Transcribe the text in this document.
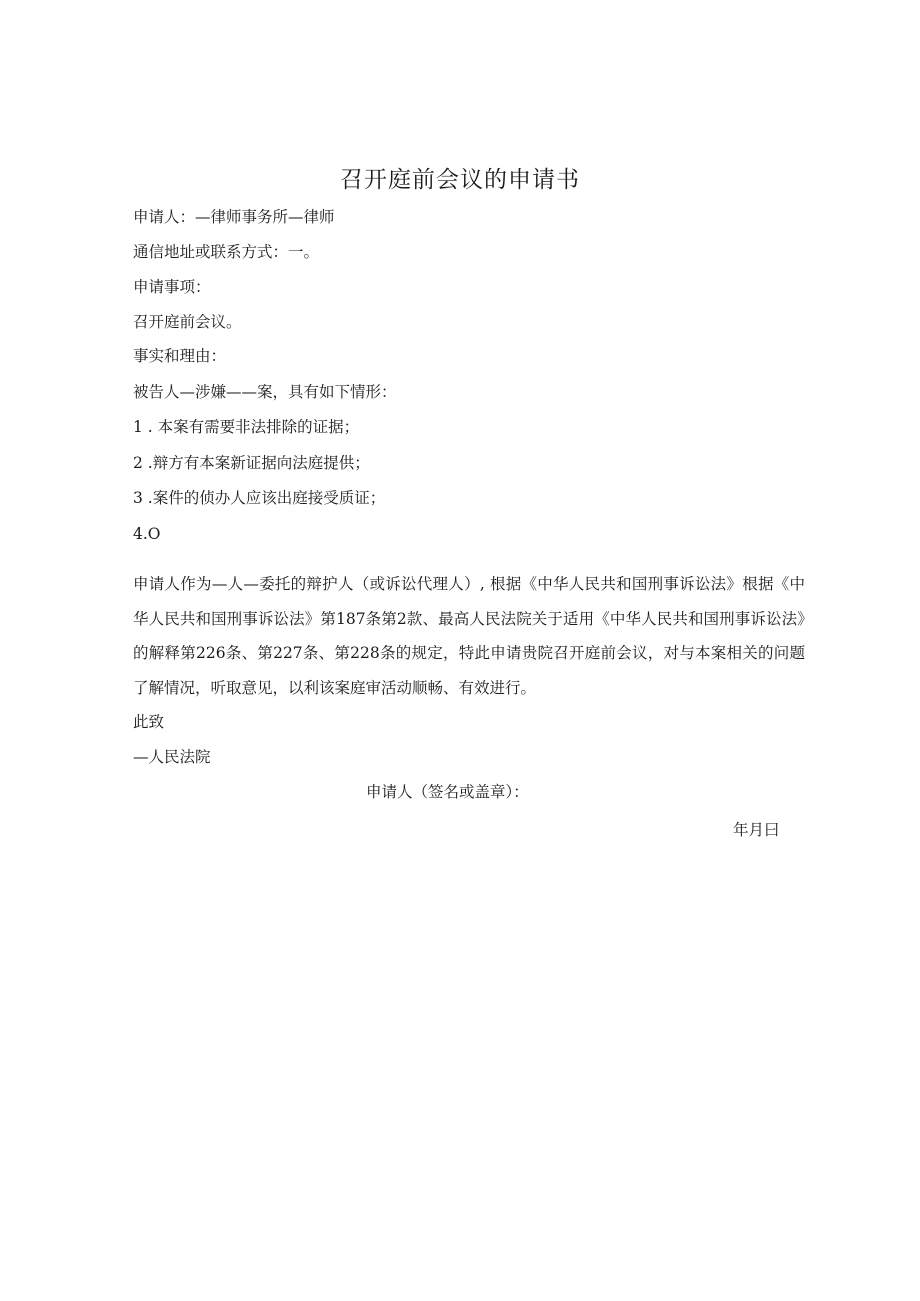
召开庭前会议的申请书
申请人：—律师事务所—律师
通信地址或联系方式：一。
申请事项：
召开庭前会议。
事实和理由：
被告人—涉嫌——案，具有如下情形：
1 . 本案有需要非法排除的证据；
2 .辩方有本案新证据向法庭提供；
3 .案件的侦办人应该出庭接受质证；
4.O
申请人作为—人—委托的辩护人（或诉讼代理人）, 根据《中华人民共和国刑事诉讼法》根据《中华人民共和国刑事诉讼法》第187条第2款、最高人民法院关于适用《中华人民共和国刑事诉讼法》的解释第226条、第227条、第228条的规定，特此申请贵院召开庭前会议，对与本案相关的问题了解情况，听取意见，以利该案庭审活动顺畅、有效进行。
此致
—人民法院
申请人（签名或盖章）：
年月曰
